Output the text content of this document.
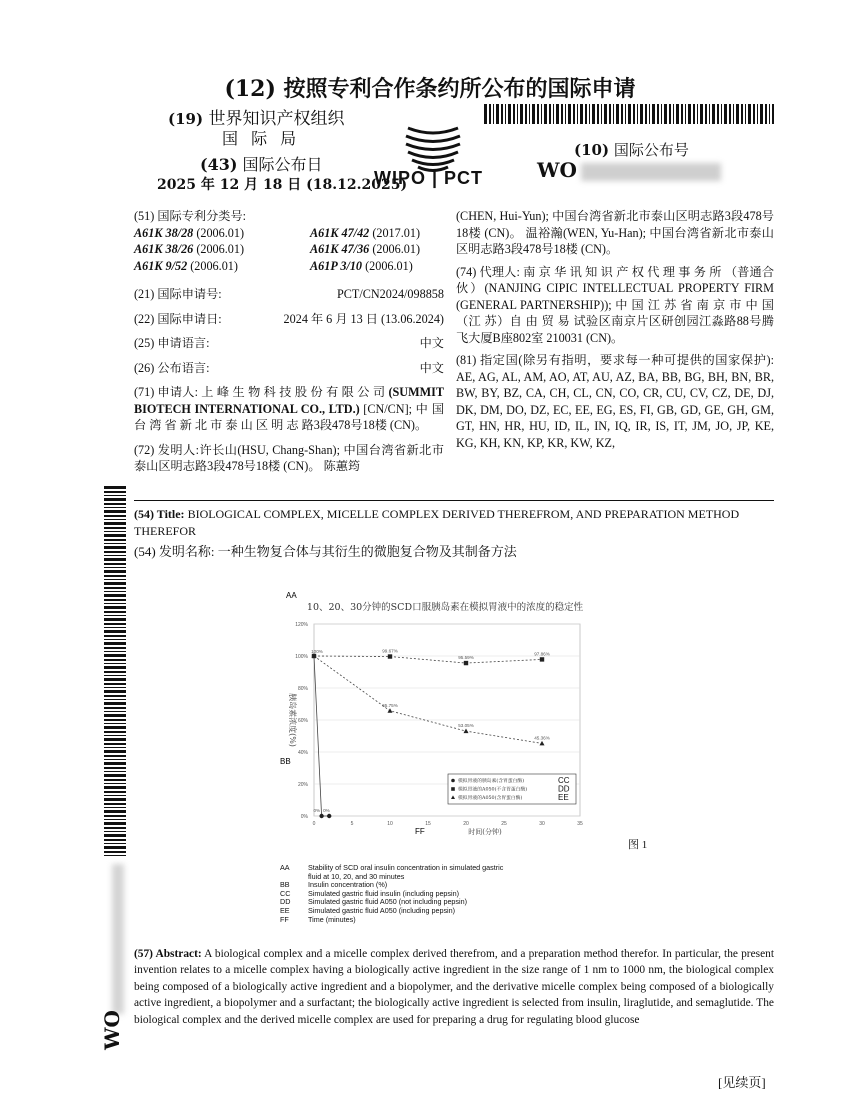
(12) 按照专利合作条约所公布的国际申请
(19) 世界知识产权组织
国 际 局
(43) 国际公布日
2025 年 12 月 18 日 (18.12.2025)
WIPO | PCT
(10) 国际公布号
WO
(51) 国际专利分类号:
A61K 38/28 (2006.01)	A61K 47/42 (2017.01)
A61K 38/26 (2006.01)	A61K 47/36 (2006.01)
A61K 9/52 (2006.01)	A61P 3/10 (2006.01)
(21) 国际申请号:	PCT/CN2024/098858
(22) 国际申请日:	2024 年 6 月 13 日 (13.06.2024)
(25) 申请语言:	中文
(26) 公布语言:	中文
(71) 申请人: 上 峰 生 物 科 技 股 份 有 限 公 司 (SUMMIT BIOTECH INTERNATIONAL CO., LTD.) [CN/CN]; 中 国 台 湾 省 新 北 市 泰 山 区 明 志 路3段478号18楼 (CN)。
(72) 发明人:许长山(HSU, Chang-Shan); 中国台湾省新北市泰山区明志路3段478号18楼 (CN)。 陈蕙筠
(CHEN, Hui-Yun); 中国台湾省新北市泰山区明志路3段478号18楼 (CN)。 温裕瀚(WEN, Yu-Han); 中国台湾省新北市泰山区明志路3段478号18楼 (CN)。
(74) 代理人: 南 京 华 讯 知 识 产 权 代 理 事 务 所 （普通合伙）(NANJING CIPIC INTELLECTUAL PROPERTY FIRM (GENERAL PARTNERSHIP)); 中 国 江 苏 省 南 京 市 中 国（江 苏）自 由 贸 易 试验区南京片区研创园江淼路88号腾飞大厦B座802室 210031 (CN)。
(81) 指定国(除另有指明，要求每一种可提供的国家保护): AE, AG, AL, AM, AO, AT, AU, AZ, BA, BB, BG, BH, BN, BR, BW, BY, BZ, CA, CH, CL, CN, CO, CR, CU, CV, CZ, DE, DJ, DK, DM, DO, DZ, EC, EE, EG, ES, FI, GB, GD, GE, GH, GM, GT, HN, HR, HU, ID, IL, IN, IQ, IR, IS, IT, JM, JO, JP, KE, KG, KH, KN, KP, KR, KW, KZ,
WO
(54) Title: BIOLOGICAL COMPLEX, MICELLE COMPLEX DERIVED THEREFROM, AND PREPARATION METHOD THEREFOR
(54) 发明名称: 一种生物复合体与其衍生的微胞复合物及其制备方法
AA
10、20、30分钟的SCD口服胰岛素在模拟胃液中的浓度的稳定性
120%
100%
80%
60%
40%
20%
0%
0	5	10	15	20	25	30	35
胰岛素浓度(%)
BB
时间(分钟)
FF
100%	99.67%
95.59%
97.86%
65.75%
53.05%
45.36%
0% 0%
模拟胃液的胰岛素(含胃蛋白酶)	CC
模拟胃液的A050(不含胃蛋白酶)	DD
模拟胃液的A050(含胃蛋白酶)	EE
图 1
AA	Stability of SCD oral insulin concentration in simulated gastric fluid at 10, 20, and 30 minutes
BB	Insulin concentration (%)
CC	Simulated gastric fluid insulin (including pepsin)
DD	Simulated gastric fluid A050 (not including pepsin)
EE	Simulated gastric fluid A050 (including pepsin)
FF	Time (minutes)
(57) Abstract: A biological complex and a micelle complex derived therefrom, and a preparation method therefor. In particular, the present invention relates to a micelle complex having a biologically active ingredient in the size range of 1 nm to 1000 nm, the biological complex being composed of a biologically active ingredient and a biopolymer, and the derivative micelle complex being composed of a biologically active ingredient, a biopolymer and a surfactant; the biologically active ingredient is selected from insulin, liraglutide, and semaglutide. The biological complex and the derived micelle complex are used for preparing a drug for regulating blood glucose
[见续页]
